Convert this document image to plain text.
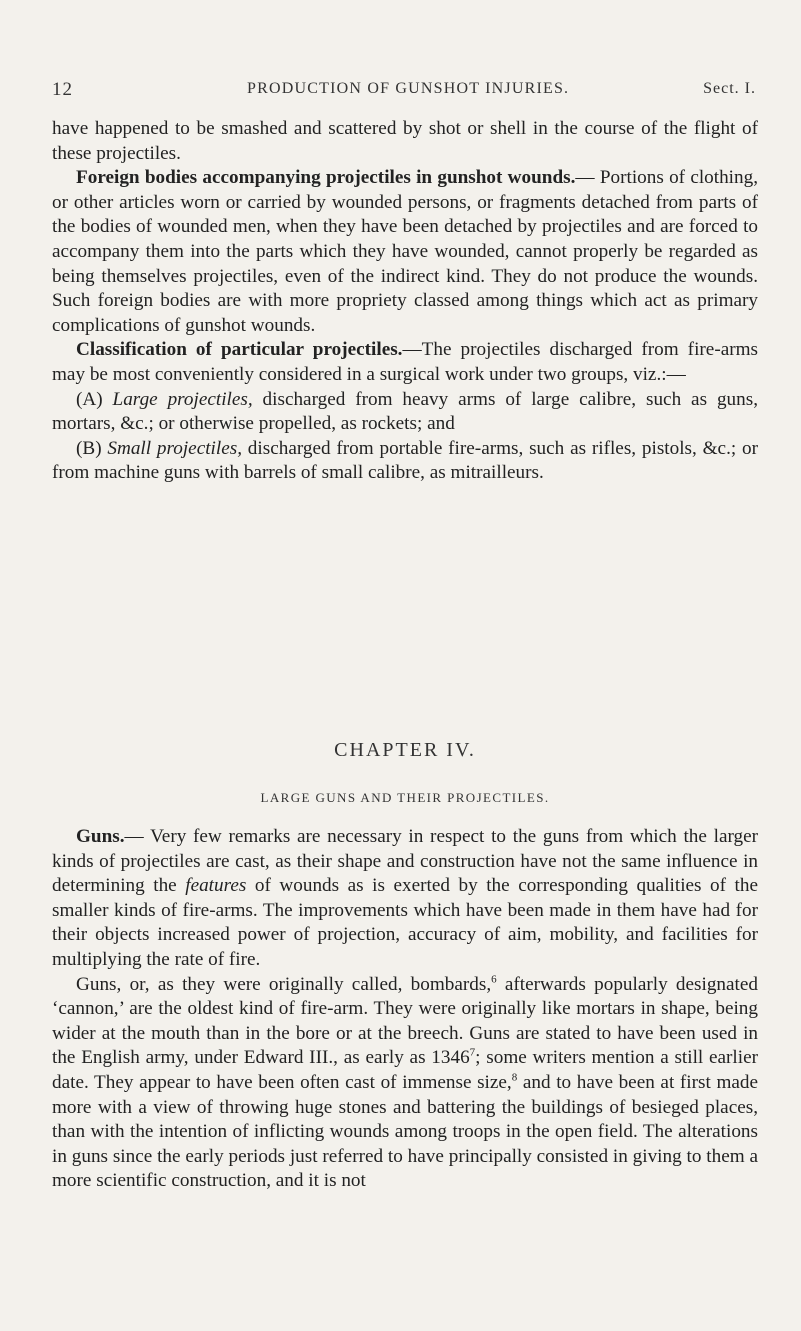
12	PRODUCTION OF GUNSHOT INJURIES.	Sect. I.

have happened to be smashed and scattered by shot or shell in the course of the flight of these projectiles.

Foreign bodies accompanying projectiles in gunshot wounds.— Portions of clothing, or other articles worn or carried by wounded persons, or fragments detached from parts of the bodies of wounded men, when they have been detached by projectiles and are forced to accompany them into the parts which they have wounded, cannot properly be regarded as being themselves projectiles, even of the indirect kind. They do not produce the wounds. Such foreign bodies are with more propriety classed among things which act as primary complications of gunshot wounds.

Classification of particular projectiles.—The projectiles discharged from fire-arms may be most conveniently considered in a surgical work under two groups, viz.:—

(A) Large projectiles, discharged from heavy arms of large calibre, such as guns, mortars, &c.; or otherwise propelled, as rockets; and

(B) Small projectiles, discharged from portable fire-arms, such as rifles, pistols, &c.; or from machine guns with barrels of small calibre, as mitrailleurs.

CHAPTER IV.
LARGE GUNS AND THEIR PROJECTILES.

Guns.— Very few remarks are necessary in respect to the guns from which the larger kinds of projectiles are cast, as their shape and construction have not the same influence in determining the features of wounds as is exerted by the corresponding qualities of the smaller kinds of fire-arms. The improvements which have been made in them have had for their objects increased power of projection, accuracy of aim, mobility, and facilities for multiplying the rate of fire.

Guns, or, as they were originally called, bombards,$^6$ afterwards popularly designated ‘cannon,’ are the oldest kind of fire-arm. They were originally like mortars in shape, being wider at the mouth than in the bore or at the breech. Guns are stated to have been used in the English army, under Edward III., as early as 1346$^7$; some writers mention a still earlier date. They appear to have been often cast of immense size,$^8$ and to have been at first made more with a view of throwing huge stones and battering the buildings of besieged places, than with the intention of inflicting wounds among troops in the open field. The alterations in guns since the early periods just referred to have principally consisted in giving to them a more scientific construction, and it is not
